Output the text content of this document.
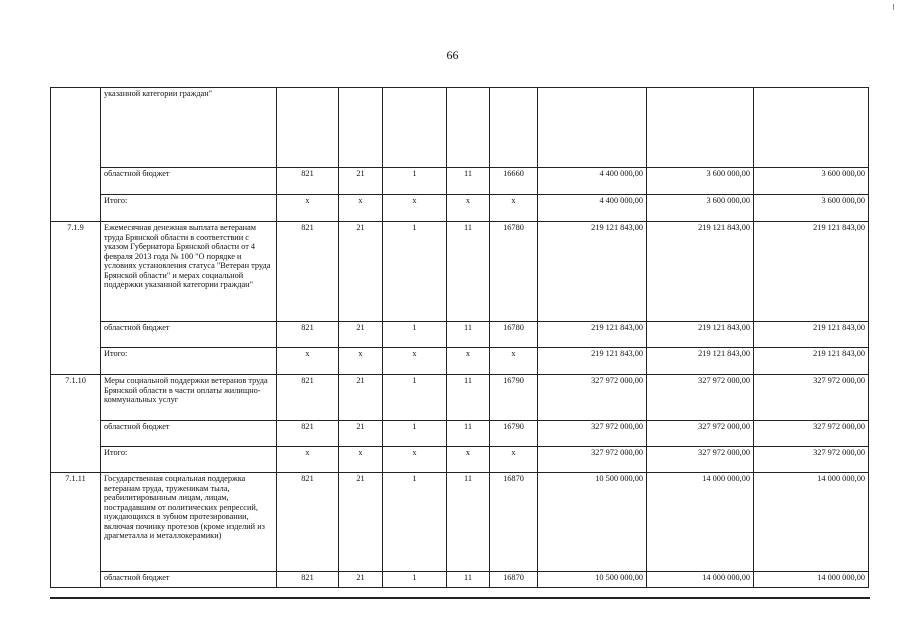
66
	указанной категории граждан"								
	областной бюджет	821	21	1	11	16660	4 400 000,00	3 600 000,00	3 600 000,00
	Итого:	х	х	х	х	х	4 400 000,00	3 600 000,00	3 600 000,00
7.1.9	Ежемесячная денежная выплата ветеранам труда Брянской области в соответствии с указом Губернатора Брянской области от 4 февраля 2013 года № 100 "О порядке и условиях установления статуса "Ветеран труда Брянской области" и мерах социальной поддержки указанной категории граждан"	821	21	1	11	16780	219 121 843,00	219 121 843,00	219 121 843,00
	областной бюджет	821	21	1	11	16780	219 121 843,00	219 121 843,00	219 121 843,00
	Итого:	х	х	х	х	х	219 121 843,00	219 121 843,00	219 121 843,00
7.1.10	Меры социальной поддержки ветеранов труда Брянской области в части оплаты жилищно-коммунальных услуг	821	21	1	11	16790	327 972 000,00	327 972 000,00	327 972 000,00
	областной бюджет	821	21	1	11	16790	327 972 000,00	327 972 000,00	327 972 000,00
	Итого:	х	х	х	х	х	327 972 000,00	327 972 000,00	327 972 000,00
7.1.11	Государственная социальная поддержка ветеранам труда, труженикам тыла, реабилитированным лицам, лицам, пострадавшим от политических репрессий, нуждающихся в зубном протезировании, включая починку протезов (кроме изделий из драгметалла и металлокерамики)	821	21	1	11	16870	10 500 000,00	14 000 000,00	14 000 000,00
	областной бюджет	821	21	1	11	16870	10 500 000,00	14 000 000,00	14 000 000,00
